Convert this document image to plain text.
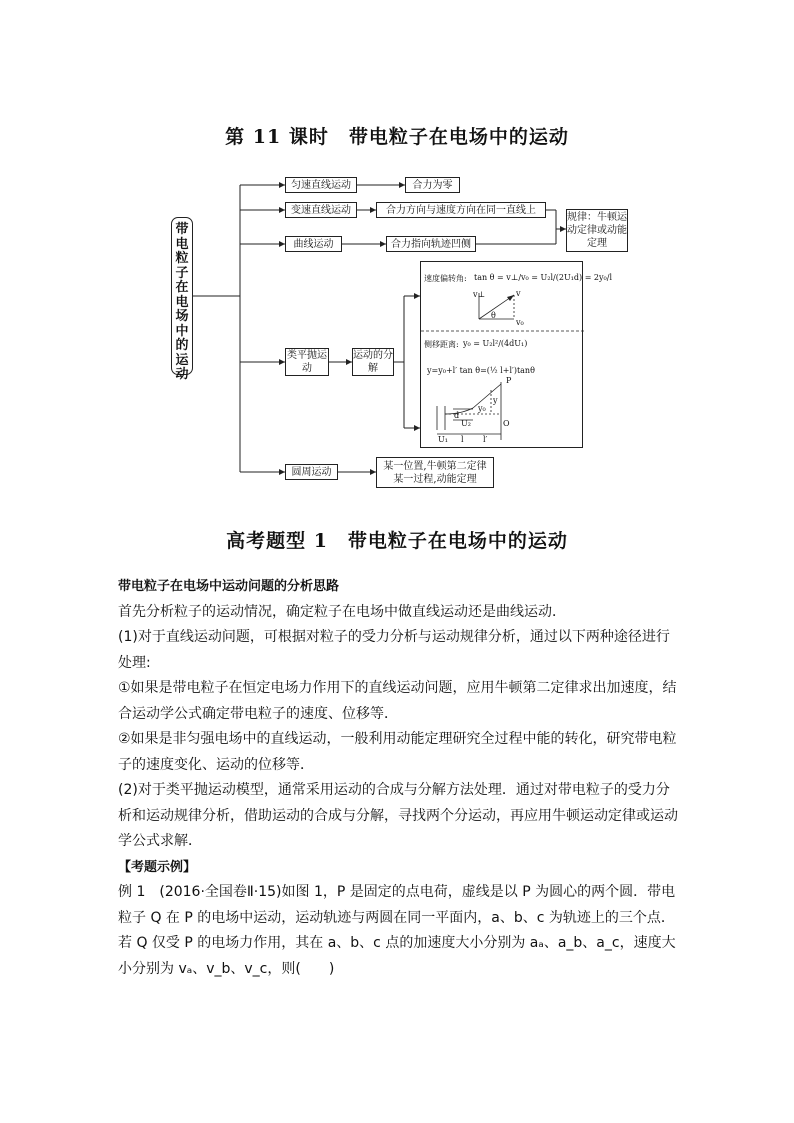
第 11 课时　带电粒子在电场中的运动
带
电
粒
子
在
电
场
中
的
运
动
匀速直线运动	合力为零
变速直线运动	合力方向与速度方向在同一直线上
规律：牛顿运动定律或动能定理
曲线运动	合力指向轨迹凹侧
类平抛运动
运动的分解
圆周运动
某一位置,牛顿第二定律
某一过程,动能定理
速度偏转角: tan θ = v⊥/v₀ = U₂l/(2U₁d) = 2y₀/l
v⊥	v
θ
v₀
侧移距离: y₀ = U₂l²/(4dU₁)
y=y₀+l′ tan θ=(½ l+l′)tanθ
P
y₀
y
O
d
U₂
U₁ l l′
高考题型 1　带电粒子在电场中的运动

带电粒子在电场中运动问题的分析思路

首先分析粒子的运动情况，确定粒子在电场中做直线运动还是曲线运动．

(1)对于直线运动问题，可根据对粒子的受力分析与运动规律分析，通过以下两种途径进行处理:

①如果是带电粒子在恒定电场力作用下的直线运动问题，应用牛顿第二定律求出加速度，结合运动学公式确定带电粒子的速度、位移等．

②如果是非匀强电场中的直线运动，一般利用动能定理研究全过程中能的转化，研究带电粒子的速度变化、运动的位移等．

(2)对于类平抛运动模型，通常采用运动的合成与分解方法处理．通过对带电粒子的受力分析和运动规律分析，借助运动的合成与分解，寻找两个分运动，再应用牛顿运动定律或运动学公式求解．

【考题示例】

例 1　(2016·全国卷Ⅱ·15)如图 1，P 是固定的点电荷，虚线是以 P 为圆心的两个圆．带电粒子 Q 在 P 的电场中运动，运动轨迹与两圆在同一平面内，a、b、c 为轨迹上的三个点．若 Q 仅受 P 的电场力作用，其在 a、b、c 点的加速度大小分别为 aₐ、a_b、a_c，速度大小分别为 vₐ、v_b、v_c，则(　　)
